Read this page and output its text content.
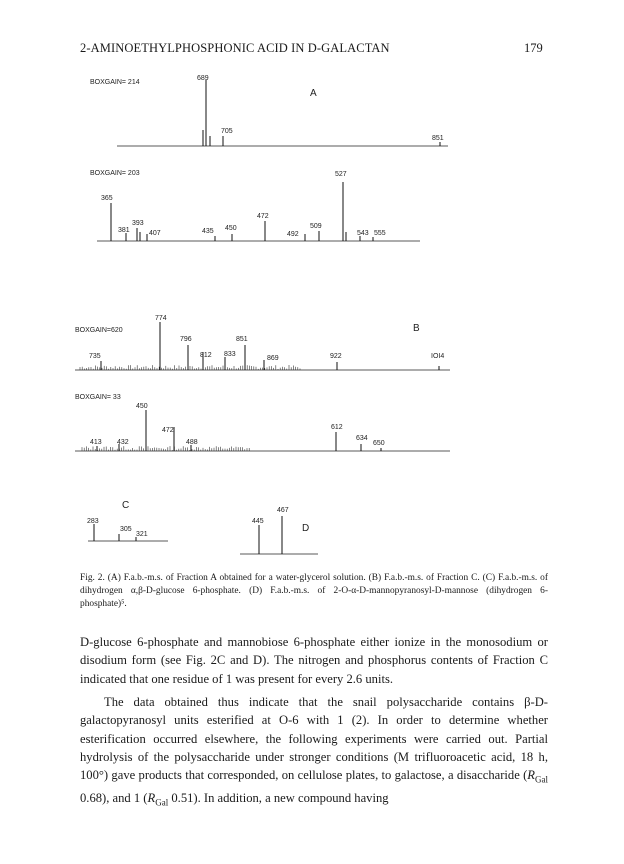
2-AMINOETHYLPHOSPHONIC ACID IN D-GALACTAN	179
BOXGAIN= 214
A
689
705
851
BOXGAIN= 203
365
381
393
407	435 450
472
492
509
527
543 555
BOXGAIN=620	B
735
774
796
812 833
851
869	922	IOI4
BOXGAIN= 33
413 432
450
472
488
612
634
650
C
283
305
321
D
445
467
Fig. 2. (A) F.a.b.-m.s. of Fraction A obtained for a water-glycerol solution. (B) F.a.b.-m.s. of Fraction C. (C) F.a.b.-m.s. of dihydrogen α,β-D-glucose 6-phosphate. (D) F.a.b.-m.s. of 2-O-α-D-mannopyranosyl-D-mannose (dihydrogen 6-phosphate)⁵.
D-glucose 6-phosphate and mannobiose 6-phosphate either ionize in the monosodium or disodium form (see Fig. 2C and D). The nitrogen and phosphorus contents of Fraction C indicated that one residue of 1 was present for every 2.6 units.
The data obtained thus indicate that the snail polysaccharide contains β-D-galactopyranosyl units esterified at O-6 with 1 (2). In order to determine whether esterification occurred elsewhere, the following experiments were carried out. Partial hydrolysis of the polysaccharide under stronger conditions (M trifluoroacetic acid, 18 h, 100°) gave products that corresponded, on cellulose plates, to galactose, a disaccharide ($R_{Gal}$ 0.68), and 1 ($R_{Gal}$ 0.51). In addition, a new compound having
